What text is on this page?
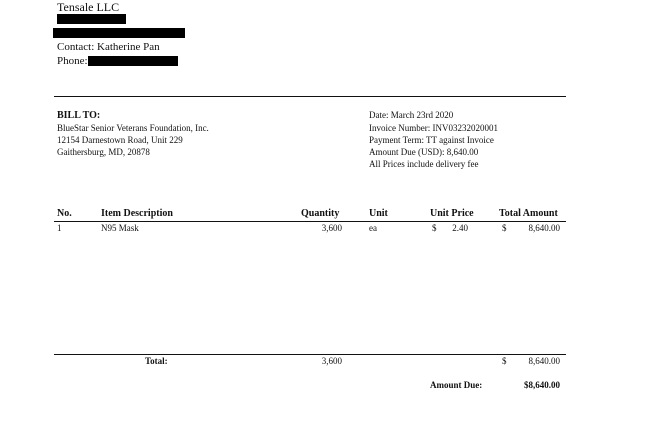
Tensale LLC
Contact: Katherine Pan
Phone:
BILL TO:
BlueStar Senior Veterans Foundation, Inc.
12154 Darnestown Road, Unit 229
Gaithersburg, MD, 20878
Date: March 23rd 2020
Invoice Number: INV03232020001
Payment Term: TT against Invoice
Amount Due (USD): 8,640.00
All Prices include delivery fee
No.	Item Description	Quantity	Unit	Unit Price	Total Amount
1	N95 Mask	3,600	ea	$	2.40	$	8,640.00
Total:	3,600	$	8,640.00
Amount Due:	$8,640.00
